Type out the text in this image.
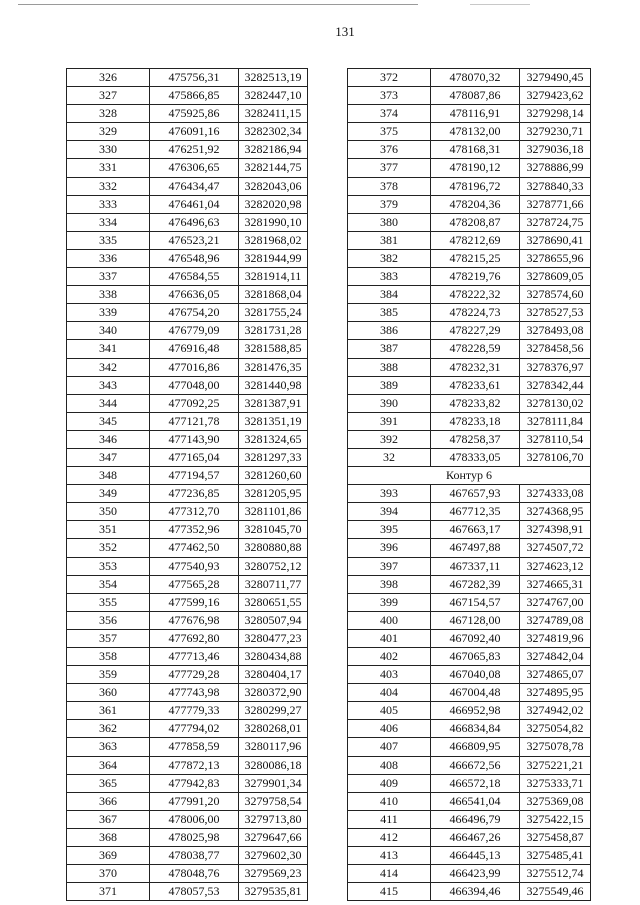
131
326	475756,31	3282513,19
327	475866,85	3282447,10
328	475925,86	3282411,15
329	476091,16	3282302,34
330	476251,92	3282186,94
331	476306,65	3282144,75
332	476434,47	3282043,06
333	476461,04	3282020,98
334	476496,63	3281990,10
335	476523,21	3281968,02
336	476548,96	3281944,99
337	476584,55	3281914,11
338	476636,05	3281868,04
339	476754,20	3281755,24
340	476779,09	3281731,28
341	476916,48	3281588,85
342	477016,86	3281476,35
343	477048,00	3281440,98
344	477092,25	3281387,91
345	477121,78	3281351,19
346	477143,90	3281324,65
347	477165,04	3281297,33
348	477194,57	3281260,60
349	477236,85	3281205,95
350	477312,70	3281101,86
351	477352,96	3281045,70
352	477462,50	3280880,88
353	477540,93	3280752,12
354	477565,28	3280711,77
355	477599,16	3280651,55
356	477676,98	3280507,94
357	477692,80	3280477,23
358	477713,46	3280434,88
359	477729,28	3280404,17
360	477743,98	3280372,90
361	477779,33	3280299,27
362	477794,02	3280268,01
363	477858,59	3280117,96
364	477872,13	3280086,18
365	477942,83	3279901,34
366	477991,20	3279758,54
367	478006,00	3279713,80
368	478025,98	3279647,66
369	478038,77	3279602,30
370	478048,76	3279569,23
371	478057,53	3279535,81
372	478070,32	3279490,45
373	478087,86	3279423,62
374	478116,91	3279298,14
375	478132,00	3279230,71
376	478168,31	3279036,18
377	478190,12	3278886,99
378	478196,72	3278840,33
379	478204,36	3278771,66
380	478208,87	3278724,75
381	478212,69	3278690,41
382	478215,25	3278655,96
383	478219,76	3278609,05
384	478222,32	3278574,60
385	478224,73	3278527,53
386	478227,29	3278493,08
387	478228,59	3278458,56
388	478232,31	3278376,97
389	478233,61	3278342,44
390	478233,82	3278130,02
391	478233,18	3278111,84
392	478258,37	3278110,54
32	478333,05	3278106,70
Контур 6		
393	467657,93	3274333,08
394	467712,35	3274368,95
395	467663,17	3274398,91
396	467497,88	3274507,72
397	467337,11	3274623,12
398	467282,39	3274665,31
399	467154,57	3274767,00
400	467128,00	3274789,08
401	467092,40	3274819,96
402	467065,83	3274842,04
403	467040,08	3274865,07
404	467004,48	3274895,95
405	466952,98	3274942,02
406	466834,84	3275054,82
407	466809,95	3275078,78
408	466672,56	3275221,21
409	466572,18	3275333,71
410	466541,04	3275369,08
411	466496,79	3275422,15
412	466467,26	3275458,87
413	466445,13	3275485,41
414	466423,99	3275512,74
415	466394,46	3275549,46
